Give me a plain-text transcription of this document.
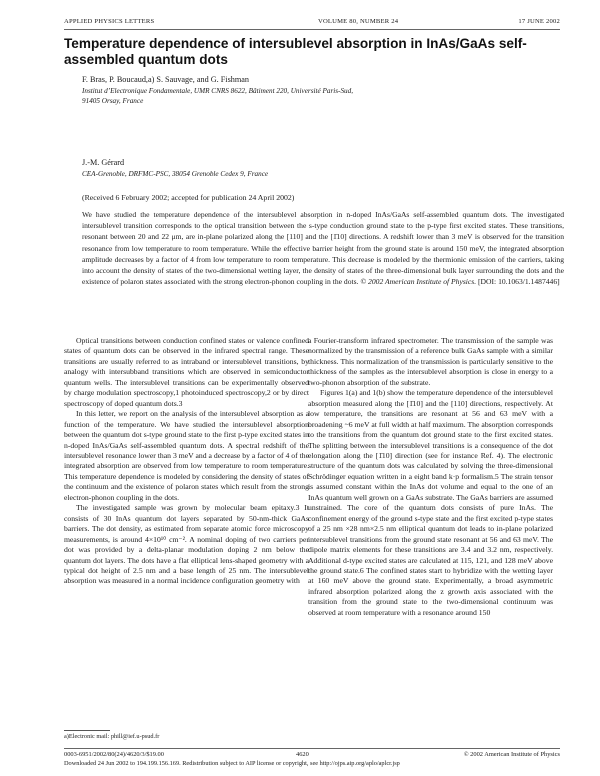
APPLIED PHYSICS LETTERS	VOLUME 80, NUMBER 24	17 JUNE 2002
Temperature dependence of intersublevel absorption in InAs/GaAs self-assembled quantum dots
F. Bras, P. Boucaud,a) S. Sauvage, and G. Fishman
Institut d’Electronique Fondamentale, UMR CNRS 8622, Bâtiment 220, Université Paris-Sud,
91405 Orsay, France
J.-M. Gérard
CEA-Grenoble, DRFMC-PSC, 38054 Grenoble Cedex 9, France
(Received 6 February 2002; accepted for publication 24 April 2002)
We have studied the temperature dependence of the intersublevel absorption in n-doped InAs/GaAs self-assembled quantum dots. The investigated intersublevel transition corresponds to the optical transition between the s-type conduction ground state to the p-type first excited states. These transitions, resonant between 20 and 22 μm, are in-plane polarized along the [110] and the [1̄10] directions. A redshift lower than 3 meV is observed for the transition resonance from low temperature to room temperature. While the effective barrier height from the ground state is around 150 meV, the integrated absorption amplitude decreases by a factor of 4 from low temperature to room temperature. This decrease is modeled by the thermionic emission of the carriers, taking into account the density of states of the two-dimensional wetting layer, the density of states of the three-dimensional bulk layer surrounding the dots and the existence of polaron states associated with the strong electron-phonon coupling in the dots. © 2002 American Institute of Physics. [DOI: 10.1063/1.1487446]

Optical transitions between conduction confined states or valence confined states of quantum dots can be observed in the infrared spectral range. These transitions are usually referred to as intraband or intersublevel transitions, by analogy with intersubband transitions which are observed in semiconductor quantum wells. The intersublevel transitions can be experimentally observed by charge modulation spectroscopy,1 photoinduced spectroscopy,2 or by direct spectroscopy of doped quantum dots.3

In this letter, we report on the analysis of the intersublevel absorption as a function of the temperature. We have studied the intersublevel absorption between the quantum dot s-type ground state to the first p-type excited states in n-doped InAs/GaAs self-assembled quantum dots. A spectral redshift of the intersublevel resonance lower than 3 meV and a decrease by a factor of 4 of the integrated absorption are observed from low temperature to room temperature. This temperature dependence is modeled by considering the density of states of the continuum and the existence of polaron states which result from the strong electron-phonon coupling in the dots.

The investigated sample was grown by molecular beam epitaxy.3 It consists of 30 InAs quantum dot layers separated by 50-nm-thick GaAs barriers. The dot density, as estimated from separate atomic force microscopy measurements, is around 4×10¹⁰ cm⁻². A nominal doping of two carriers per dot was provided by a delta-planar modulation doping 2 nm below the quantum dot layers. The dots have a flat elliptical lens-shaped geometry with a typical dot height of 2.5 nm and a base length of 25 nm. The intersublevel absorption was measured in a normal incidence configuration geometry with

a Fourier-transform infrared spectrometer. The transmission of the sample was normalized by the transmission of a reference bulk GaAs sample with a similar thickness. This normalization of the transmission is particularly sensitive to the thickness of the samples as the intersublevel absorption is close in energy to a two-phonon absorption of the substrate.

Figures 1(a) and 1(b) show the temperature dependence of the intersublevel absorption measured along the [1̄10] and the [110] directions, respectively. At low temperature, the transitions are resonant at 56 and 63 meV with a broadening ~6 meV at full width at half maximum. The absorption corresponds to the transitions from the quantum dot ground state to the first excited states. The splitting between the intersublevel transitions is a consequence of the dot elongation along the [1̄10] direction (see for instance Ref. 4). The electronic structure of the quantum dots was calculated by solving the three-dimensional Schrödinger equation written in a eight band k·p formalism.5 The strain tensor is assumed constant within the InAs dot volume and equal to the one of an InAs quantum well grown on a GaAs substrate. The GaAs barriers are assumed unstrained. The core of the quantum dots consists of pure InAs. The confinement energy of the ground s-type state and the first excited p-type states of a 25 nm ×28 nm×2.5 nm elliptical quantum dot leads to in-plane polarized intersublevel transitions from the ground state resonant at 56 and 63 meV. The dipole matrix elements for these transitions are 3.4 and 3.2 nm, respectively. Additional d-type excited states are calculated at 115, 121, and 128 meV above the ground state.6 The confined states start to hybridize with the wetting layer at 160 meV above the ground state. Experimentally, a broad asymmetric infrared absorption polarized along the z growth axis associated with the transition from the ground state to the two-dimensional continuum was observed at room temperature with a resonance around 150

a)Electronic mail: phill@ief.u-psud.fr
0003-6951/2002/80(24)/4620/3/$19.00	4620	© 2002 American Institute of Physics
Downloaded 24 Jun 2002 to 194.199.156.169. Redistribution subject to AIP license or copyright, see http://ojps.aip.org/aplo/aplcr.jsp
